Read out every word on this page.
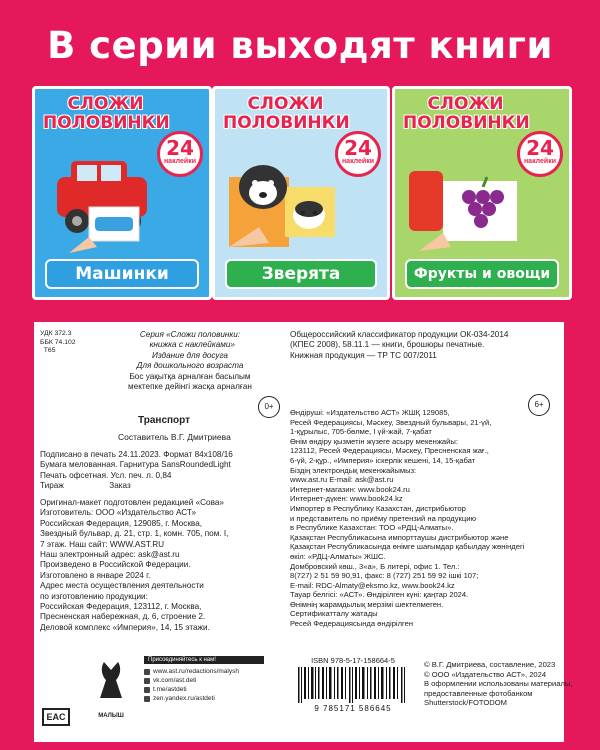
В серии выходят книги
СЛОЖИ ПОЛОВИНКИ
24
наклейки
Машинки
СЛОЖИ ПОЛОВИНКИ
24
наклейки
Зверята
СЛОЖИ ПОЛОВИНКИ
24
наклейки
Фрукты и овощи
УДК 372.3
ББК 74.102
Т65
Серия «Сложи половинки:
книжка с наклейками»
Издание для досуга
Для дошкольного возраста
Бос уақытқа арналған басылым
мектепке дейінгі жасқа арналған
0+
Транспорт
Составитель В.Г. Дмитриева
Подписано в печать 24.11.2023. Формат 84x108/16
Бумага мелованная. Гарнитура SansRoundedLight
Печать офсетная. Усл. печ. л. 0,84
Тираж                    Заказ
Оригинал-макет подготовлен редакцией «Сова»
Изготовитель: ООО «Издательство АСТ»
Российская Федерация, 129085, г. Москва,
Звездный бульвар, д. 21, стр. 1, комн. 705, пом. I,
7 этаж. Наш сайт: WWW.AST.RU
Наш электронный адрес: ask@ast.ru
Произведено в Российской Федерации.
Изготовлено в январе 2024 г.
Адрес места осуществления деятельности
по изготовлению продукции:
Российская Федерация, 123112, г. Москва,
Пресненская набережная, д. 6, строение 2.
Деловой комплекс «Империя», 14, 15 этажи.
Общероссийский классификатор продукции ОК-034-2014
(КПЕС 2008), 58.11.1 — книги, брошюры печатные.
Книжная продукция — ТР ТС 007/2011
6+
Өндіруші: «Издательство АСТ» ЖШҚ 129085,
Ресей Федерациясы, Мәскеу, Звездный бульвары, 21-үй,
1-құрылыс, 705-бөлме, I үй-жай, 7-қабат
Өнім өндіру қызметін жүзеге асыру мекенжайы:
123112, Ресей Федерациясы, Мәскеу, Пресненская жағ.,
6-үй, 2-құр., «Империя» іскерлік кешені, 14, 15-қабат
Біздің электрондық мекенжайымыз:
www.ast.ru E-mail: ask@ast.ru
Интернет-магазин: www.book24.ru
Интернет-дүкен: www.book24.kz
Импортер в Республику Казахстан, дистрибьютор
и представитель по приёму претензий на продукцию
в Республике Казахстан: ТОО «РДЦ-Алматы».
Қазақстан Республикасына импорттаушы дистрибьютор және
Қазақстан Республикасында өнімге шағымдар қабылдау жөніндегі
өкіл: «РДЦ-Алматы» ЖШС.
Домбровский көш., 3«а», Б литері, офис 1. Тел.:
8(727) 2 51 59 90,91, факс: 8 (727) 251 59 92 ішкі 107;
E-mail: RDC-Almaty@eksmo.kz, www.book24.kz
Тауар белгісі: «АСТ». Өндірілген күні: қаңтар 2024.
Өнімнің жарамдылық мерзімі шектелмеген.
Сертификатталу жатады
Ресей Федерациясында өндірілген
МАЛЫШ
EAC
Присоединяйтесь к нам!
www.ast.ru/redactions/malysh
vk.com/ast.deti
t.me/astdeti
zen.yandex.ru/astdeti
ISBN 978-5-17-158664-5
9 785171 586645
© В.Г. Дмитриева, составление, 2023
© ООО «Издательство АСТ», 2024
В оформлении использованы материалы,
предоставленные фотобанком
Shutterstock/FOTODOM
